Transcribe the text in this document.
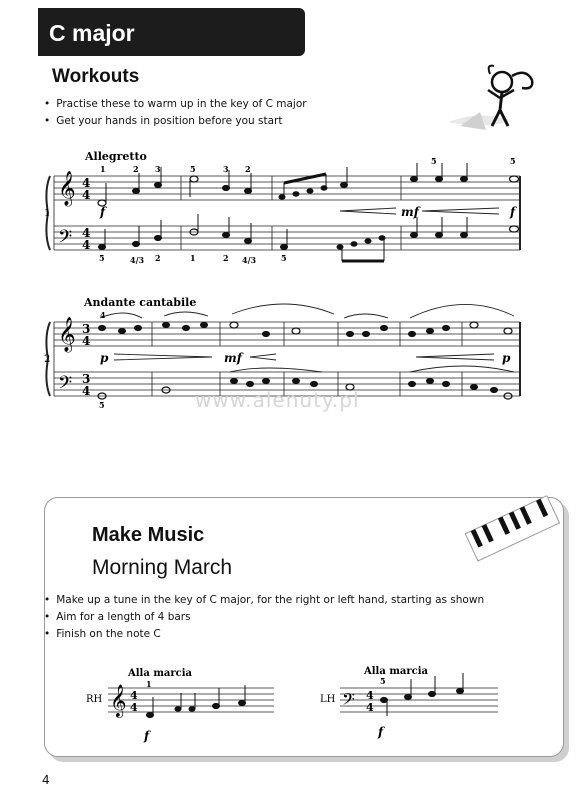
C major
Workouts
• Practise these to warm up in the key of C major
• Get your hands in position before you start
𝄞
𝄢
4
4
4
4
1
Allegretto
1	2 3	5	3 2
5	5
5	4/3 2	1	2 4/3	5
f	mf	f
𝄞
𝄢
3
4
3
4
2
Andante cantabile
4
5
p	mf	p
www.alenuty.pl
Make Music
Morning March
• Make up a tune in the key of C major, for the right or left hand, starting as shown
• Aim for a length of 4 bars
• Finish on the note C
RH
Alla marcia
𝄞 4
4
1
f
LH
Alla marcia
𝄢 4
4
5
f
4
